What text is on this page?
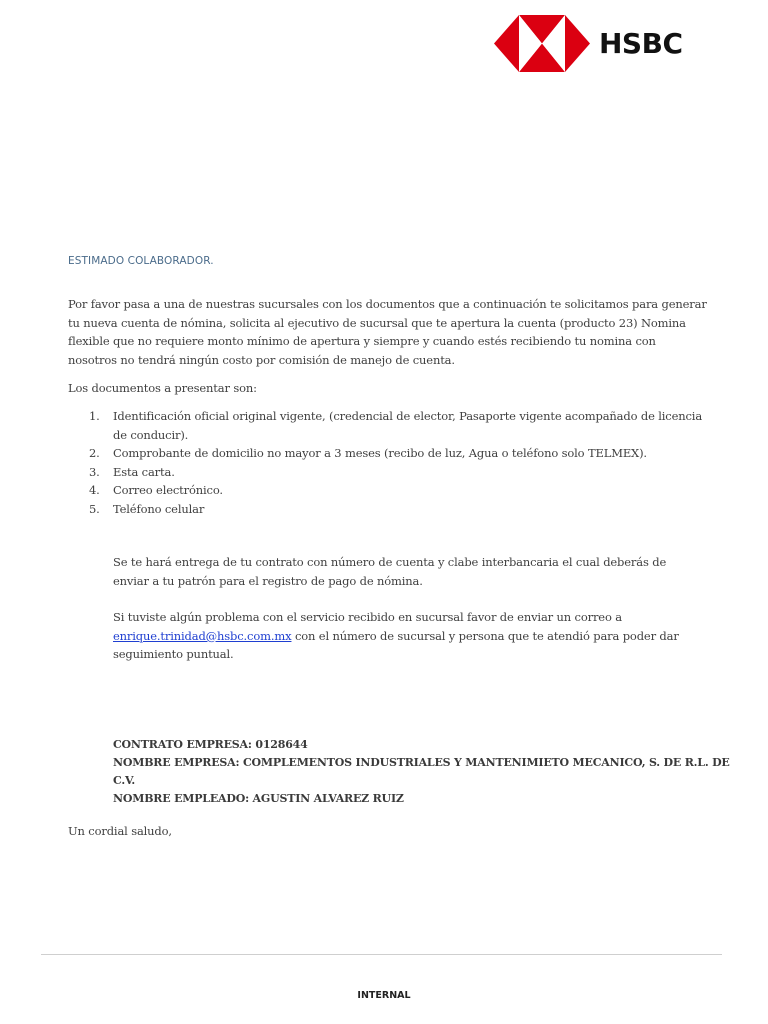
HSBC
ESTIMADO COLABORADOR.
Por favor pasa a una de nuestras sucursales con los documentos que a continuación te solicitamos para generar tu nueva cuenta de nómina, solicita al ejecutivo de sucursal que te apertura la cuenta (producto 23) Nomina flexible que no requiere monto mínimo de apertura y siempre y cuando estés recibiendo tu nomina con nosotros no tendrá ningún costo por comisión de manejo de cuenta.
Los documentos a presentar son:
1. Identificación oficial original vigente, (credencial de elector, Pasaporte vigente acompañado de licencia de conducir).
2. Comprobante de domicilio no mayor a 3 meses (recibo de luz, Agua o teléfono solo TELMEX).
3. Esta carta.
4. Correo electrónico.
5. Teléfono celular
Se te hará entrega de tu contrato con número de cuenta y clabe interbancaria el cual deberás de enviar a tu patrón para el registro de pago de nómina.
Si tuviste algún problema con el servicio recibido en sucursal favor de enviar un correo a enrique.trinidad@hsbc.com.mx con el número de sucursal y persona que te atendió para poder dar seguimiento puntual.
CONTRATO EMPRESA: 0128644
NOMBRE EMPRESA: COMPLEMENTOS INDUSTRIALES Y MANTENIMIETO MECANICO, S. DE R.L. DE C.V.
NOMBRE EMPLEADO: AGUSTIN ALVAREZ RUIZ
Un cordial saludo,
INTERNAL
